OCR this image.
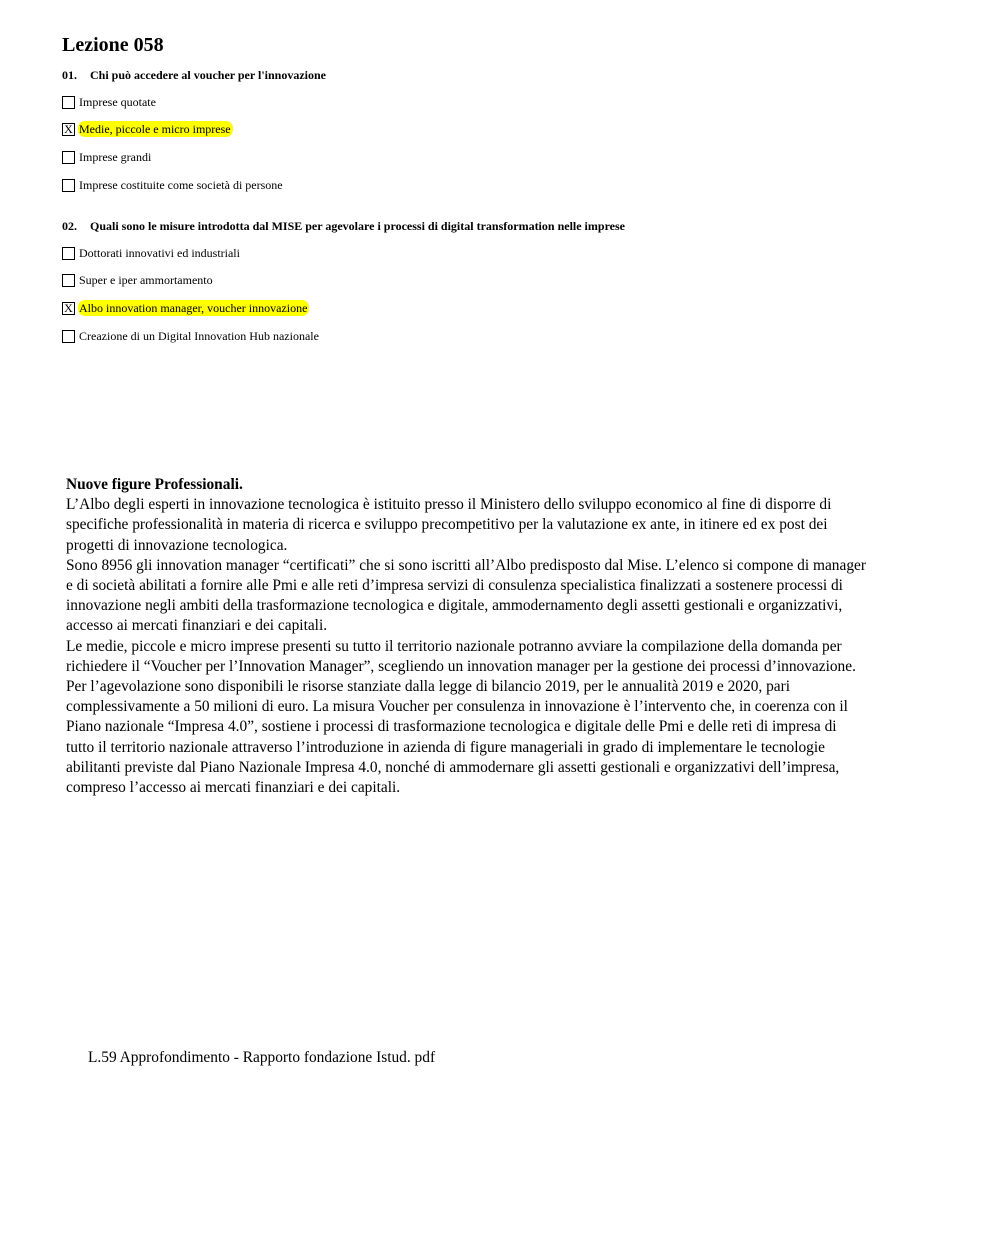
Lezione 058
01. Chi può accedere al voucher per l'innovazione
Imprese quotate
X Medie, piccole e micro imprese
Imprese grandi
Imprese costituite come società di persone
02. Quali sono le misure introdotta dal MISE per agevolare i processi di digital transformation nelle imprese
Dottorati innovativi ed industriali
Super e iper ammortamento
X Albo innovation manager, voucher innovazione
Creazione di un Digital Innovation Hub nazionale

Nuove figure Professionali.

L’Albo degli esperti in innovazione tecnologica è istituito presso il Ministero dello sviluppo economico al fine di disporre di specifiche professionalità in materia di ricerca e sviluppo precompetitivo per la valutazione ex ante, in itinere ed ex post dei progetti di innovazione tecnologica.

Sono 8956 gli innovation manager “certificati” che si sono iscritti all’Albo predisposto dal Mise. L’elenco si compone di manager e di società abilitati a fornire alle Pmi e alle reti d’impresa servizi di consulenza specialistica finalizzati a sostenere processi di innovazione negli ambiti della trasformazione tecnologica e digitale, ammodernamento degli assetti gestionali e organizzativi, accesso ai mercati finanziari e dei capitali.

Le medie, piccole e micro imprese presenti su tutto il territorio nazionale potranno avviare la compilazione della domanda per richiedere il “Voucher per l’Innovation Manager”, scegliendo un innovation manager per la gestione dei processi d’innovazione.

Per l’agevolazione sono disponibili le risorse stanziate dalla legge di bilancio 2019, per le annualità 2019 e 2020, pari complessivamente a 50 milioni di euro. La misura Voucher per consulenza in innovazione è l’intervento che, in coerenza con il Piano nazionale “Impresa 4.0”, sostiene i processi di trasformazione tecnologica e digitale delle Pmi e delle reti di impresa di tutto il territorio nazionale attraverso l’introduzione in azienda di figure manageriali in grado di implementare le tecnologie abilitanti previste dal Piano Nazionale Impresa 4.0, nonché di ammodernare gli assetti gestionali e organizzativi dell’impresa, compreso l’accesso ai mercati finanziari e dei capitali.

L.59 Approfondimento - Rapporto fondazione Istud. pdf
